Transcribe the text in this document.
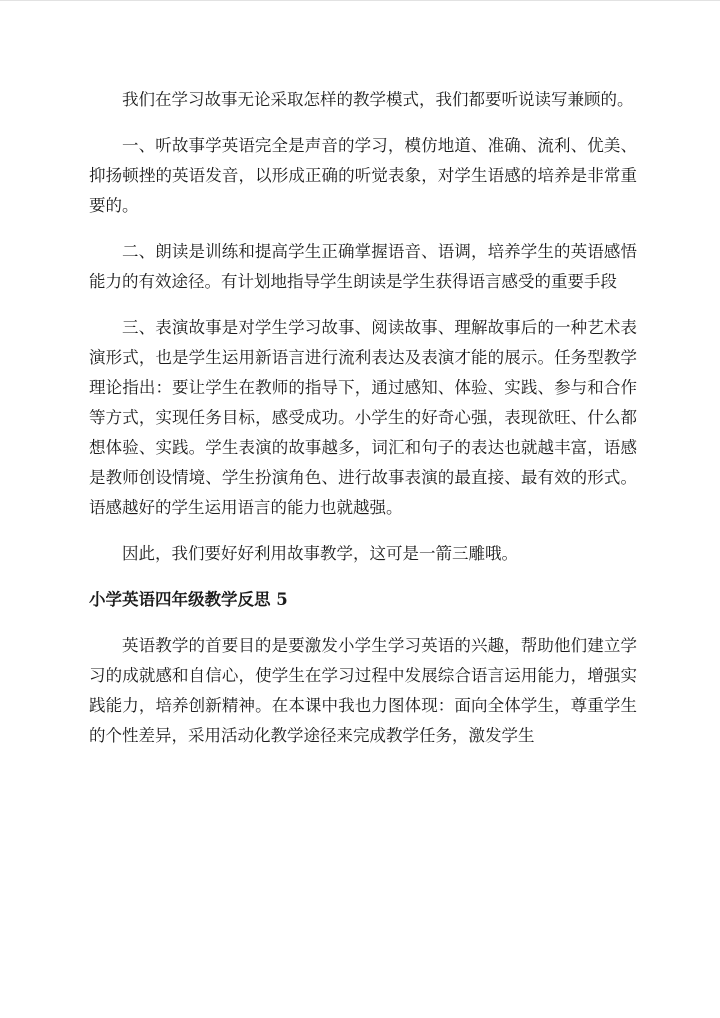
我们在学习故事无论采取怎样的教学模式，我们都要听说读写兼顾的。

一、听故事学英语完全是声音的学习，模仿地道、准确、流利、优美、抑扬顿挫的英语发音，以形成正确的听觉表象，对学生语感的培养是非常重要的。

二、朗读是训练和提高学生正确掌握语音、语调，培养学生的英语感悟能力的有效途径。有计划地指导学生朗读是学生获得语言感受的重要手段

三、表演故事是对学生学习故事、阅读故事、理解故事后的一种艺术表演形式，也是学生运用新语言进行流利表达及表演才能的展示。任务型教学理论指出：要让学生在教师的指导下，通过感知、体验、实践、参与和合作等方式，实现任务目标，感受成功。小学生的好奇心强，表现欲旺、什么都想体验、实践。学生表演的故事越多，词汇和句子的表达也就越丰富，语感是教师创设情境、学生扮演角色、进行故事表演的最直接、最有效的形式。语感越好的学生运用语言的能力也就越强。

因此，我们要好好利用故事教学，这可是一箭三雕哦。

小学英语四年级教学反思 5

英语教学的首要目的是要激发小学生学习英语的兴趣，帮助他们建立学习的成就感和自信心，使学生在学习过程中发展综合语言运用能力，增强实践能力，培养创新精神。在本课中我也力图体现：面向全体学生，尊重学生的个性差异，采用活动化教学途径来完成教学任务，激发学生
